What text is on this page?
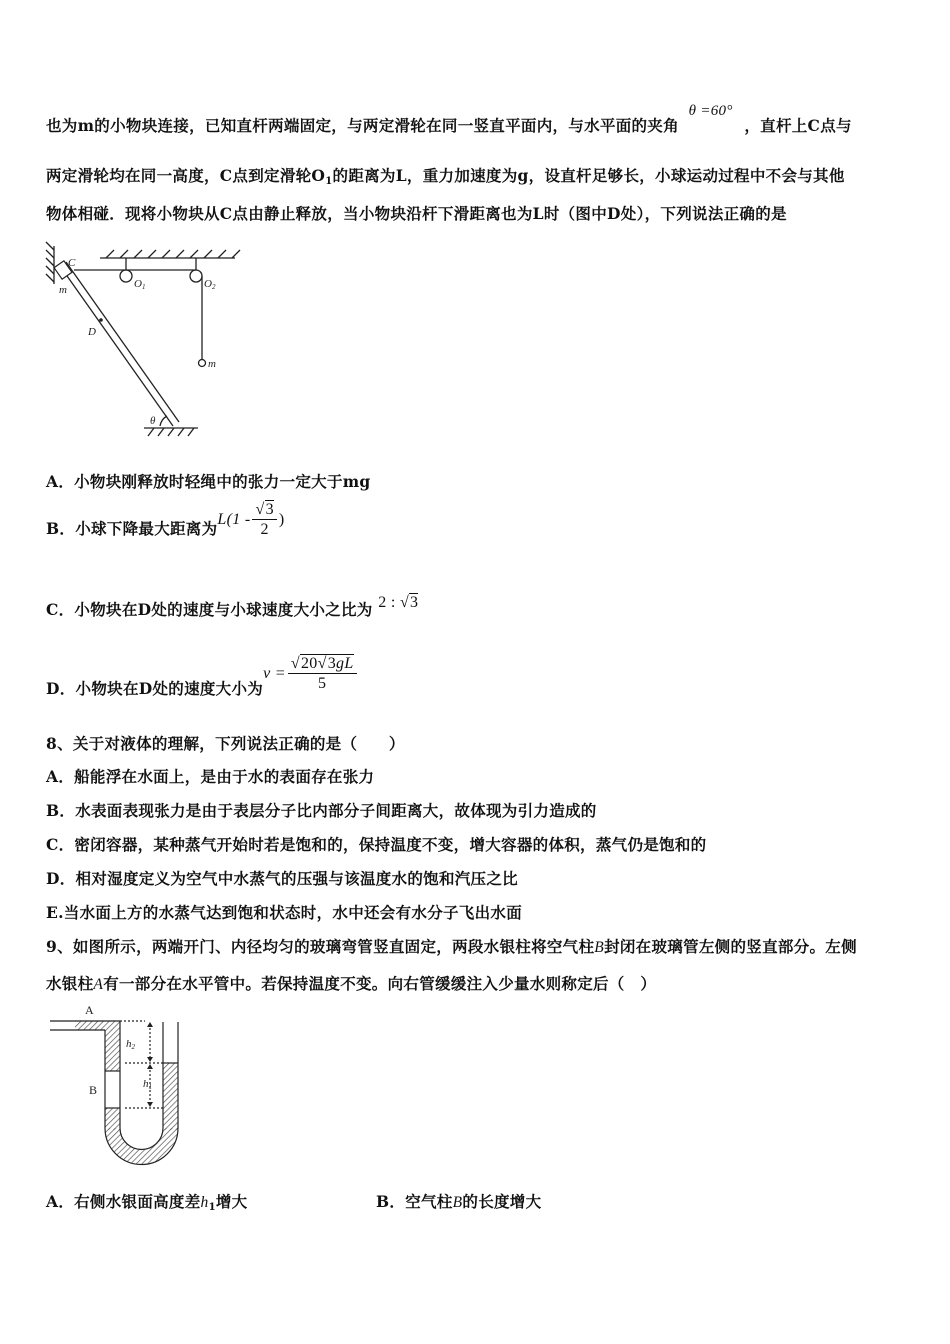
也为m的小物块连接，已知直杆两端固定，与两定滑轮在同一竖直平面内，与水平面的夹角 θ =60° ，直杆上C点与
两定滑轮均在同一高度，C点到定滑轮$O_1$的距离为L，重力加速度为g，设直杆足够长，小球运动过程中不会与其他
物体相碰．现将小物块从C点由静止释放，当小物块沿杆下滑距离也为L时（图中D处），下列说法正确的是
C
m
D
O1	O2
m
θ
A．小物块刚释放时轻绳中的张力一定大于mg
B．小球下降最大距离为 $L(1 - \frac{√3}{2}$ )
C．小物块在D处的速度与小球速度大小之比为 2 : √3
D．小物块在D处的速度大小为
$v = \frac{√20√3gL}{5}$
8、关于对液体的理解，下列说法正确的是（　　）
A．船能浮在水面上，是由于水的表面存在张力
B．水表面表现张力是由于表层分子比内部分子间距离大，故体现为引力造成的
C．密闭容器，某种蒸气开始时若是饱和的，保持温度不变，增大容器的体积，蒸气仍是饱和的
D．相对湿度定义为空气中水蒸气的压强与该温度水的饱和汽压之比
E.当水面上方的水蒸气达到饱和状态时，水中还会有水分子飞出水面
9、如图所示，两端开门、内径均匀的玻璃弯管竖直固定，两段水银柱将空气柱B封闭在玻璃管左侧的竖直部分。左侧
水银柱A有一部分在水平管中。若保持温度不变。向右管缓缓注入少量水则称定后（　）
A
B
h2
h1
A．右侧水银面高度差$h_1$增大	B．空气柱B的长度增大
